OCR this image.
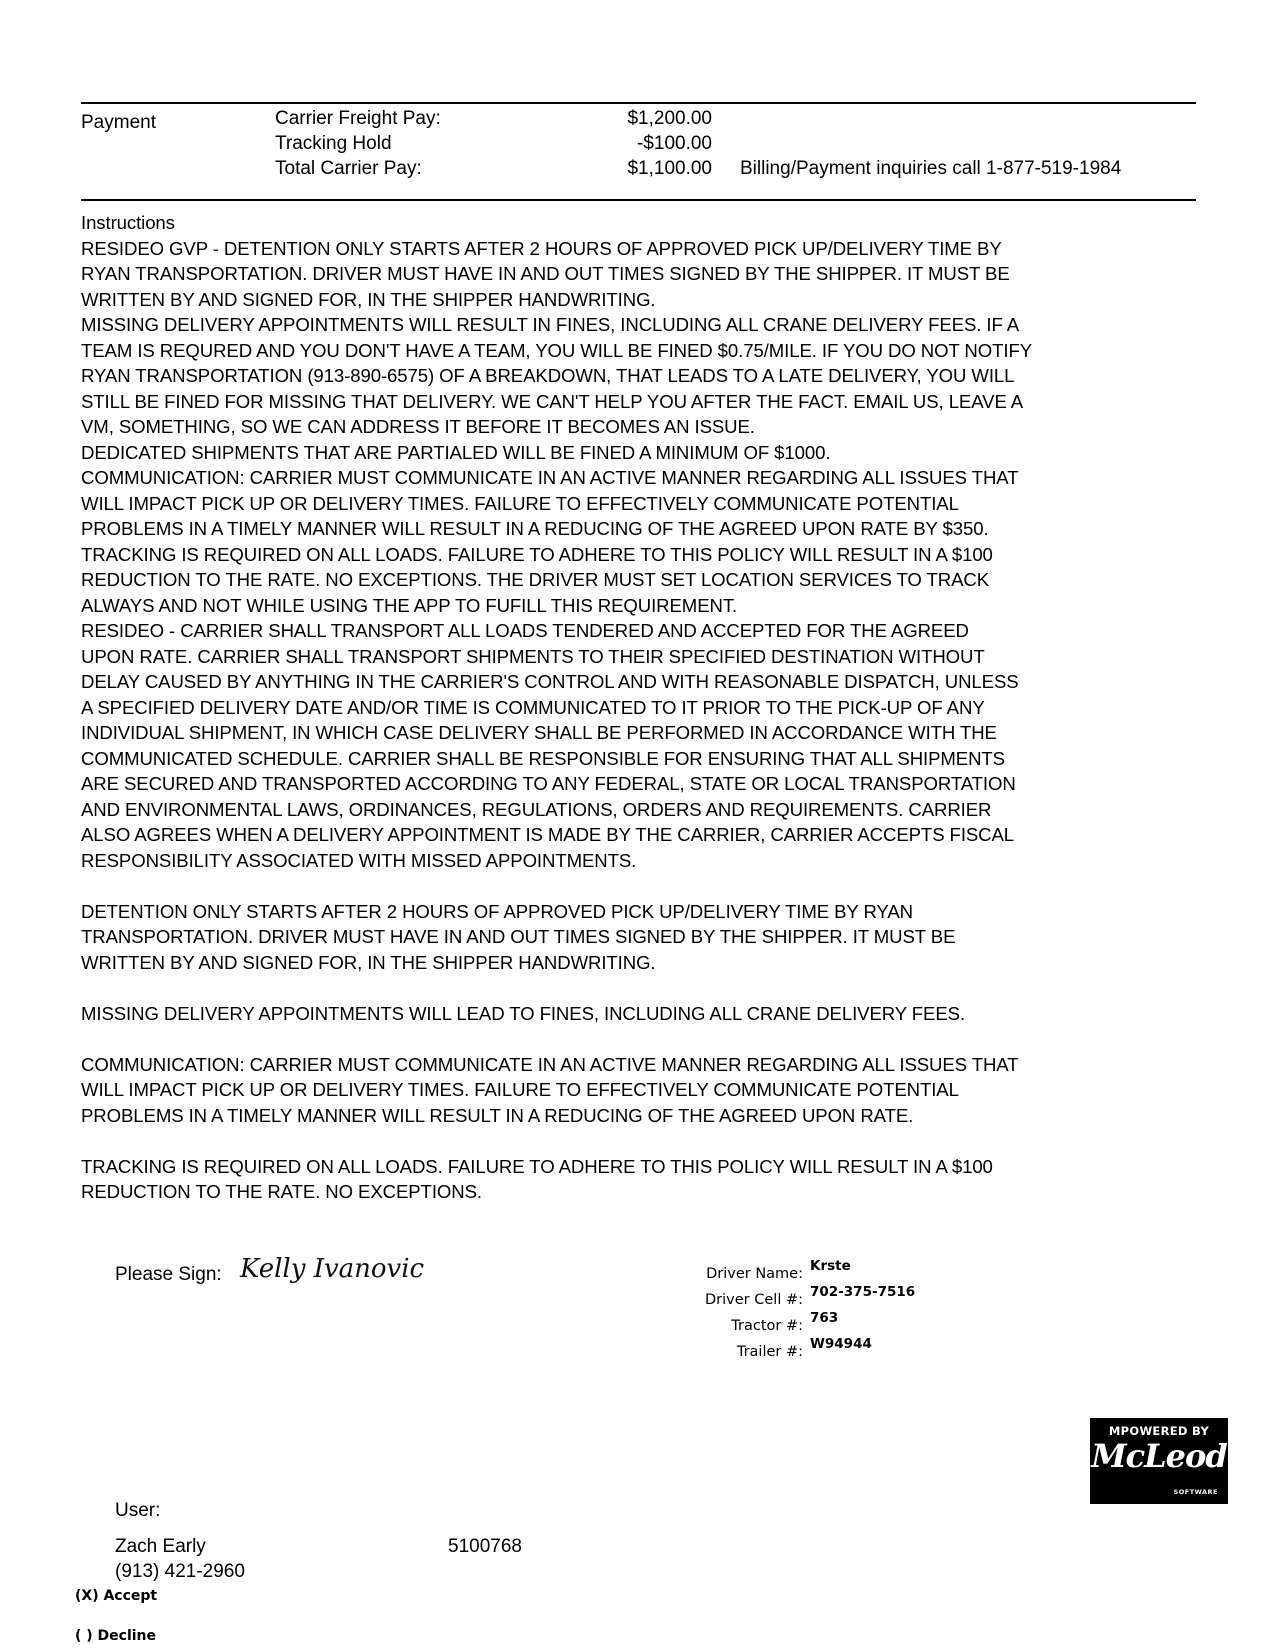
Payment	Carrier Freight Pay:	$1,200.00
Tracking Hold	-$100.00
Total Carrier Pay:	$1,100.00 Billing/Payment inquiries call 1-877-519-1984
Instructions
RESIDEO GVP - DETENTION ONLY STARTS AFTER 2 HOURS OF APPROVED PICK UP/DELIVERY TIME BY
RYAN TRANSPORTATION. DRIVER MUST HAVE IN AND OUT TIMES SIGNED BY THE SHIPPER. IT MUST BE
WRITTEN BY AND SIGNED FOR, IN THE SHIPPER HANDWRITING.
MISSING DELIVERY APPOINTMENTS WILL RESULT IN FINES, INCLUDING ALL CRANE DELIVERY FEES. IF A
TEAM IS REQURED AND YOU DON'T HAVE A TEAM, YOU WILL BE FINED $0.75/MILE. IF YOU DO NOT NOTIFY
RYAN TRANSPORTATION (913-890-6575) OF A BREAKDOWN, THAT LEADS TO A LATE DELIVERY, YOU WILL
STILL BE FINED FOR MISSING THAT DELIVERY. WE CAN'T HELP YOU AFTER THE FACT. EMAIL US, LEAVE A
VM, SOMETHING, SO WE CAN ADDRESS IT BEFORE IT BECOMES AN ISSUE.
DEDICATED SHIPMENTS THAT ARE PARTIALED WILL BE FINED A MINIMUM OF $1000.
COMMUNICATION: CARRIER MUST COMMUNICATE IN AN ACTIVE MANNER REGARDING ALL ISSUES THAT
WILL IMPACT PICK UP OR DELIVERY TIMES. FAILURE TO EFFECTIVELY COMMUNICATE POTENTIAL
PROBLEMS IN A TIMELY MANNER WILL RESULT IN A REDUCING OF THE AGREED UPON RATE BY $350.
TRACKING IS REQUIRED ON ALL LOADS. FAILURE TO ADHERE TO THIS POLICY WILL RESULT IN A $100
REDUCTION TO THE RATE. NO EXCEPTIONS. THE DRIVER MUST SET LOCATION SERVICES TO TRACK
ALWAYS AND NOT WHILE USING THE APP TO FUFILL THIS REQUIREMENT.
RESIDEO - CARRIER SHALL TRANSPORT ALL LOADS TENDERED AND ACCEPTED FOR THE AGREED
UPON RATE. CARRIER SHALL TRANSPORT SHIPMENTS TO THEIR SPECIFIED DESTINATION WITHOUT
DELAY CAUSED BY ANYTHING IN THE CARRIER'S CONTROL AND WITH REASONABLE DISPATCH, UNLESS
A SPECIFIED DELIVERY DATE AND/OR TIME IS COMMUNICATED TO IT PRIOR TO THE PICK-UP OF ANY
INDIVIDUAL SHIPMENT, IN WHICH CASE DELIVERY SHALL BE PERFORMED IN ACCORDANCE WITH THE
COMMUNICATED SCHEDULE. CARRIER SHALL BE RESPONSIBLE FOR ENSURING THAT ALL SHIPMENTS
ARE SECURED AND TRANSPORTED ACCORDING TO ANY FEDERAL, STATE OR LOCAL TRANSPORTATION
AND ENVIRONMENTAL LAWS, ORDINANCES, REGULATIONS, ORDERS AND REQUIREMENTS. CARRIER
ALSO AGREES WHEN A DELIVERY APPOINTMENT IS MADE BY THE CARRIER, CARRIER ACCEPTS FISCAL
RESPONSIBILITY ASSOCIATED WITH MISSED APPOINTMENTS.
DETENTION ONLY STARTS AFTER 2 HOURS OF APPROVED PICK UP/DELIVERY TIME BY RYAN
TRANSPORTATION. DRIVER MUST HAVE IN AND OUT TIMES SIGNED BY THE SHIPPER. IT MUST BE
WRITTEN BY AND SIGNED FOR, IN THE SHIPPER HANDWRITING.
MISSING DELIVERY APPOINTMENTS WILL LEAD TO FINES, INCLUDING ALL CRANE DELIVERY FEES.
COMMUNICATION: CARRIER MUST COMMUNICATE IN AN ACTIVE MANNER REGARDING ALL ISSUES THAT
WILL IMPACT PICK UP OR DELIVERY TIMES. FAILURE TO EFFECTIVELY COMMUNICATE POTENTIAL
PROBLEMS IN A TIMELY MANNER WILL RESULT IN A REDUCING OF THE AGREED UPON RATE.
TRACKING IS REQUIRED ON ALL LOADS. FAILURE TO ADHERE TO THIS POLICY WILL RESULT IN A $100
REDUCTION TO THE RATE. NO EXCEPTIONS.
Please Sign: Kelly Ivanovic	Driver Name: Krste
Driver Cell #: 702-375-7516
Tractor #: 763
Trailer #: W94944
MPOWERED BY
McLeod
SOFTWARE
User:
Zach Early	5100768
(913) 421-2960
(X) Accept
( ) Decline
